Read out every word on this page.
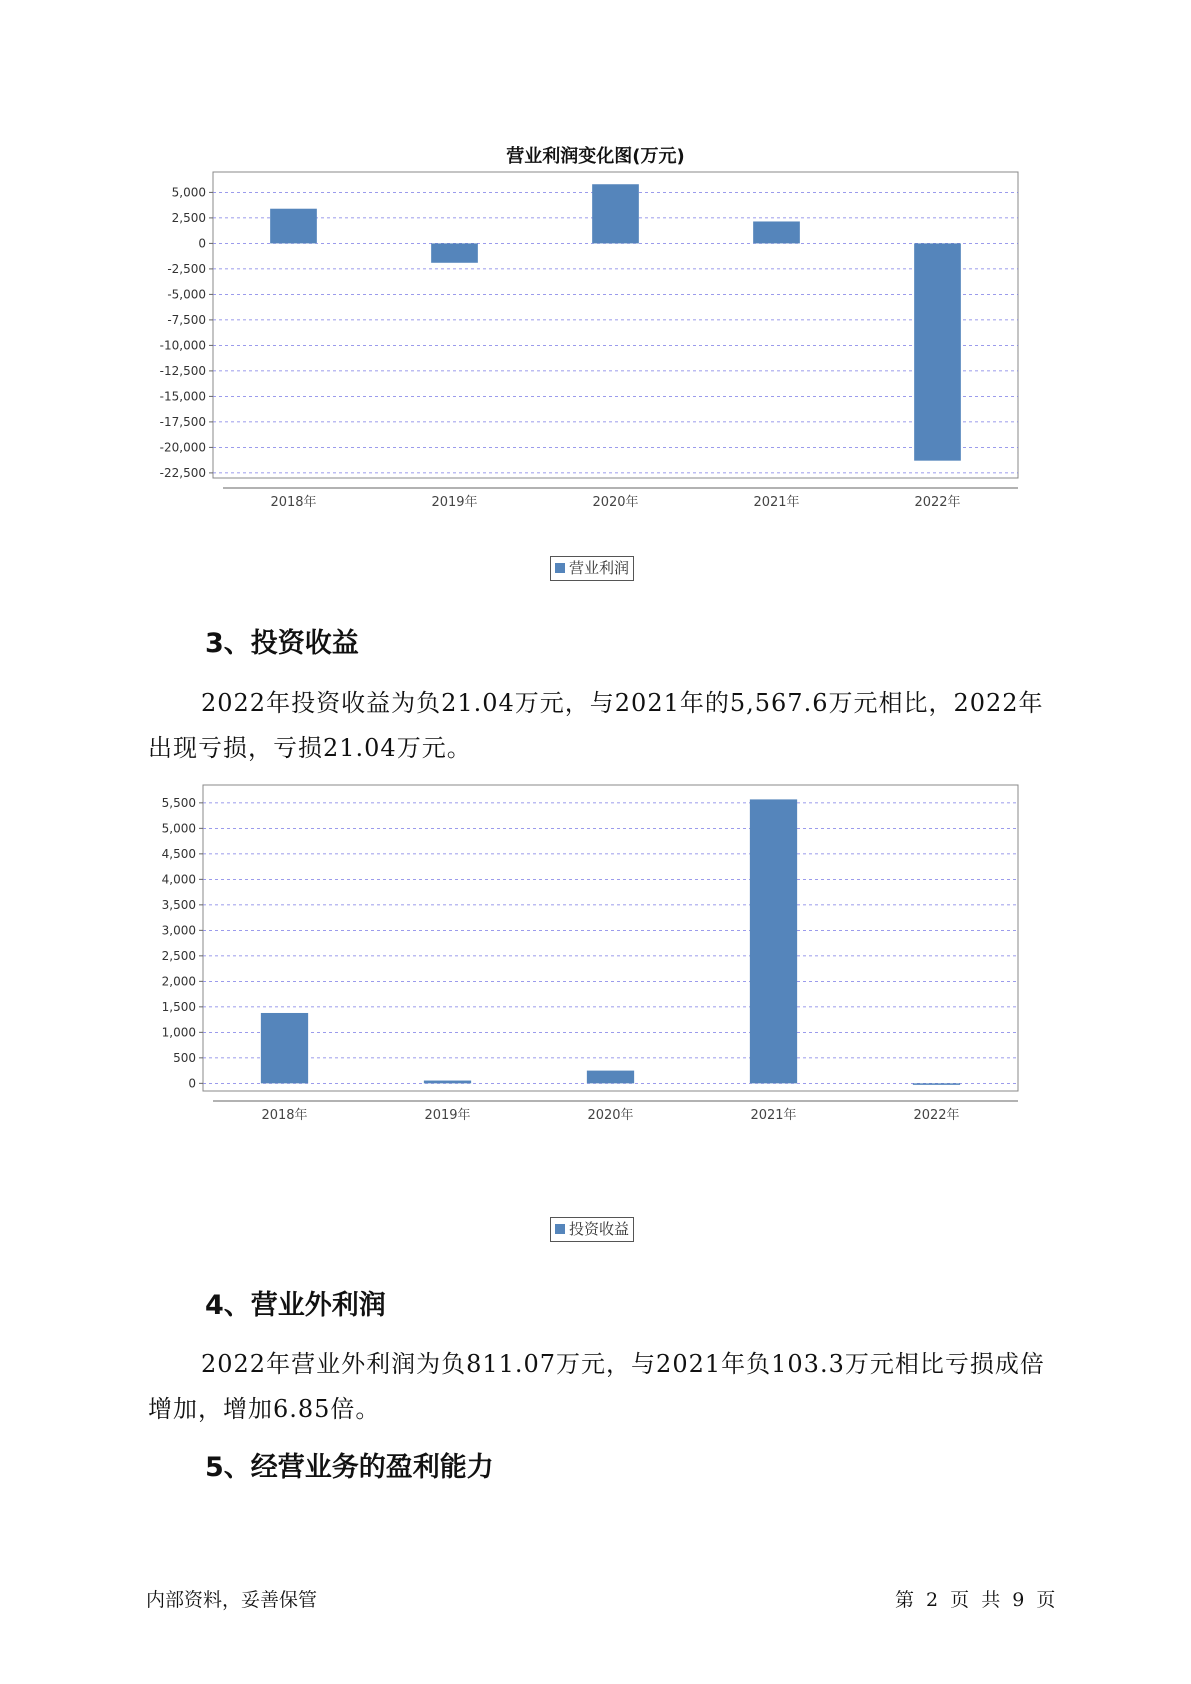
营业利润变化图(万元)
5,000
2,500
0
-2,500
-5,000
-7,500
-10,000
-12,500
-15,000
-17,500
-20,000
-22,500
2018年	2019年	2020年	2021年	2022年
营业利润
3、投资收益

2022年投资收益为负21.04万元，与2021年的5,567.6万元相比，2022年出现亏损，亏损21.04万元。

5,500
5,000
4,500
4,000
3,500
3,000
2,500
2,000
1,500
1,000
500
0
2018年	2019年	2020年	2021年	2022年
投资收益
4、营业外利润

2022年营业外利润为负811.07万元，与2021年负103.3万元相比亏损成倍增加，增加6.85倍。

5、经营业务的盈利能力
内部资料，妥善保管	第 2 页 共 9 页
